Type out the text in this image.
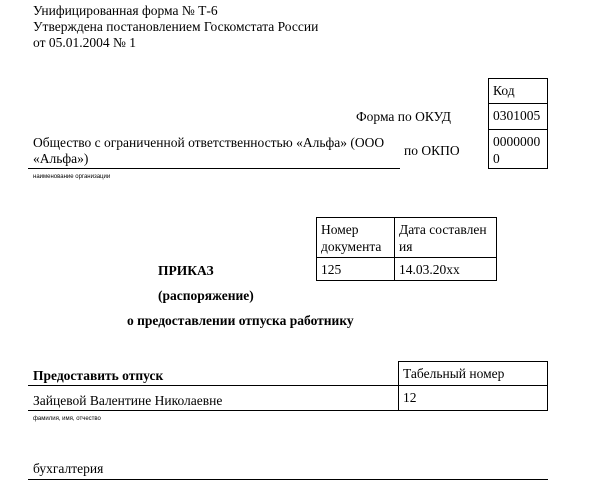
Унифицированная форма № Т-6
Утверждена постановлением Госкомстата России
от 05.01.2004 № 1
Код
0301005
0000000
0
Форма по ОКУД
по ОКПО
Общество с ограниченной ответственностью «Альфа» (ООО
«Альфа»)
наименование организации
Номер
документа
Дата составлен
ия
125	14.03.20хх
ПРИКАЗ
(распоряжение)
о предоставлении отпуска работнику
Предоставить отпуск
Зайцевой Валентине Николаевне
фамилия, имя, отчество
Табельный номер
12
бухгалтерия
